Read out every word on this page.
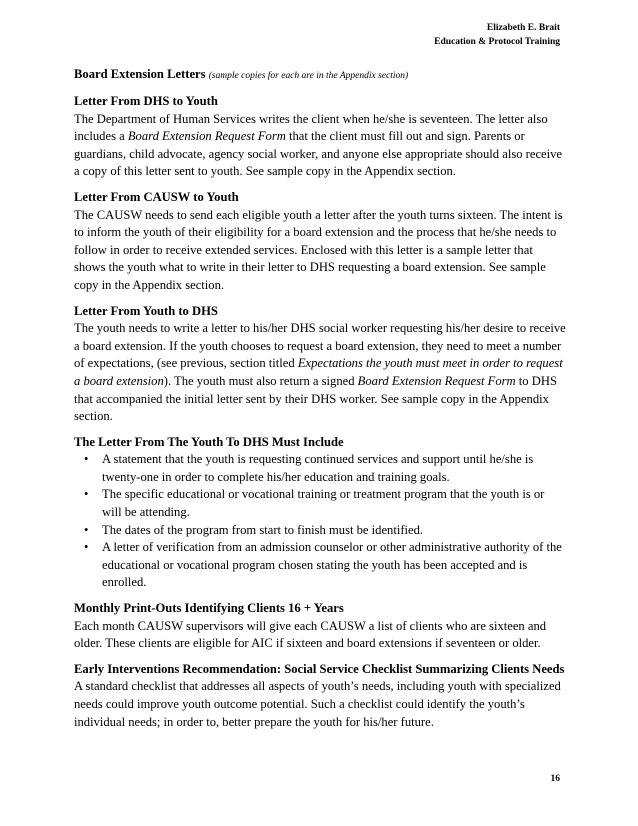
Elizabeth E. Brait
Education & Protocol Training
Board Extension Letters (sample copies for each are in the Appendix section)
Letter From DHS to Youth

The Department of Human Services writes the client when he/she is seventeen. The letter also includes a Board Extension Request Form that the client must fill out and sign. Parents or guardians, child advocate, agency social worker, and anyone else appropriate should also receive a copy of this letter sent to youth. See sample copy in the Appendix section.

Letter From CAUSW to Youth

The CAUSW needs to send each eligible youth a letter after the youth turns sixteen. The intent is to inform the youth of their eligibility for a board extension and the process that he/she needs to follow in order to receive extended services. Enclosed with this letter is a sample letter that shows the youth what to write in their letter to DHS requesting a board extension. See sample copy in the Appendix section.

Letter From Youth to DHS

The youth needs to write a letter to his/her DHS social worker requesting his/her desire to receive a board extension. If the youth chooses to request a board extension, they need to meet a number of expectations, (see previous, section titled Expectations the youth must meet in order to request a board extension). The youth must also return a signed Board Extension Request Form to DHS that accompanied the initial letter sent by their DHS worker. See sample copy in the Appendix section.

The Letter From The Youth To DHS Must Include
• A statement that the youth is requesting continued services and support until he/she is twenty-one in order to complete his/her education and training goals.
• The specific educational or vocational training or treatment program that the youth is or will be attending.
• The dates of the program from start to finish must be identified.
• A letter of verification from an admission counselor or other administrative authority of the educational or vocational program chosen stating the youth has been accepted and is enrolled.
Monthly Print-Outs Identifying Clients 16 + Years

Each month CAUSW supervisors will give each CAUSW a list of clients who are sixteen and older. These clients are eligible for AIC if sixteen and board extensions if seventeen or older.

Early Interventions Recommendation: Social Service Checklist Summarizing Clients Needs

A standard checklist that addresses all aspects of youth’s needs, including youth with specialized needs could improve youth outcome potential. Such a checklist could identify the youth’s individual needs; in order to, better prepare the youth for his/her future.

16
